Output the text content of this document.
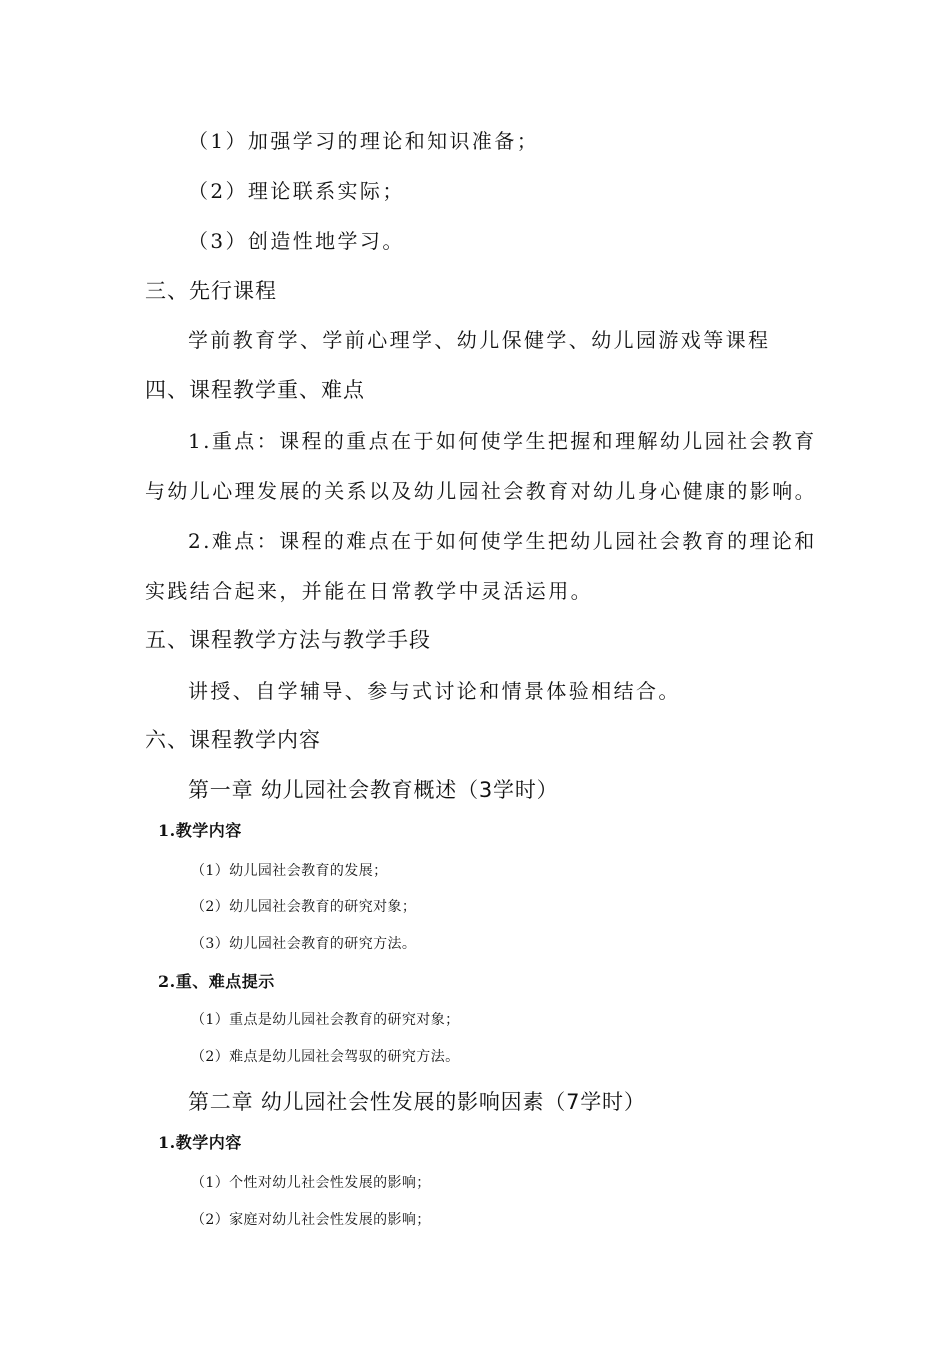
（1）加强学习的理论和知识准备；
（2）理论联系实际；
（3）创造性地学习。
三、先行课程
学前教育学、学前心理学、幼儿保健学、幼儿园游戏等课程
四、课程教学重、难点
1.重点：课程的重点在于如何使学生把握和理解幼儿园社会教育
与幼儿心理发展的关系以及幼儿园社会教育对幼儿身心健康的影响。
2.难点：课程的难点在于如何使学生把幼儿园社会教育的理论和
实践结合起来，并能在日常教学中灵活运用。
五、课程教学方法与教学手段
讲授、自学辅导、参与式讨论和情景体验相结合。
六、课程教学内容
第一章 幼儿园社会教育概述（3学时）
1.教学内容
（1）幼儿园社会教育的发展；
（2）幼儿园社会教育的研究对象；
（3）幼儿园社会教育的研究方法。
2.重、难点提示
（1）重点是幼儿园社会教育的研究对象；
（2）难点是幼儿园社会驾驭的研究方法。
第二章 幼儿园社会性发展的影响因素（7学时）
1.教学内容
（1）个性对幼儿社会性发展的影响；
（2）家庭对幼儿社会性发展的影响；
